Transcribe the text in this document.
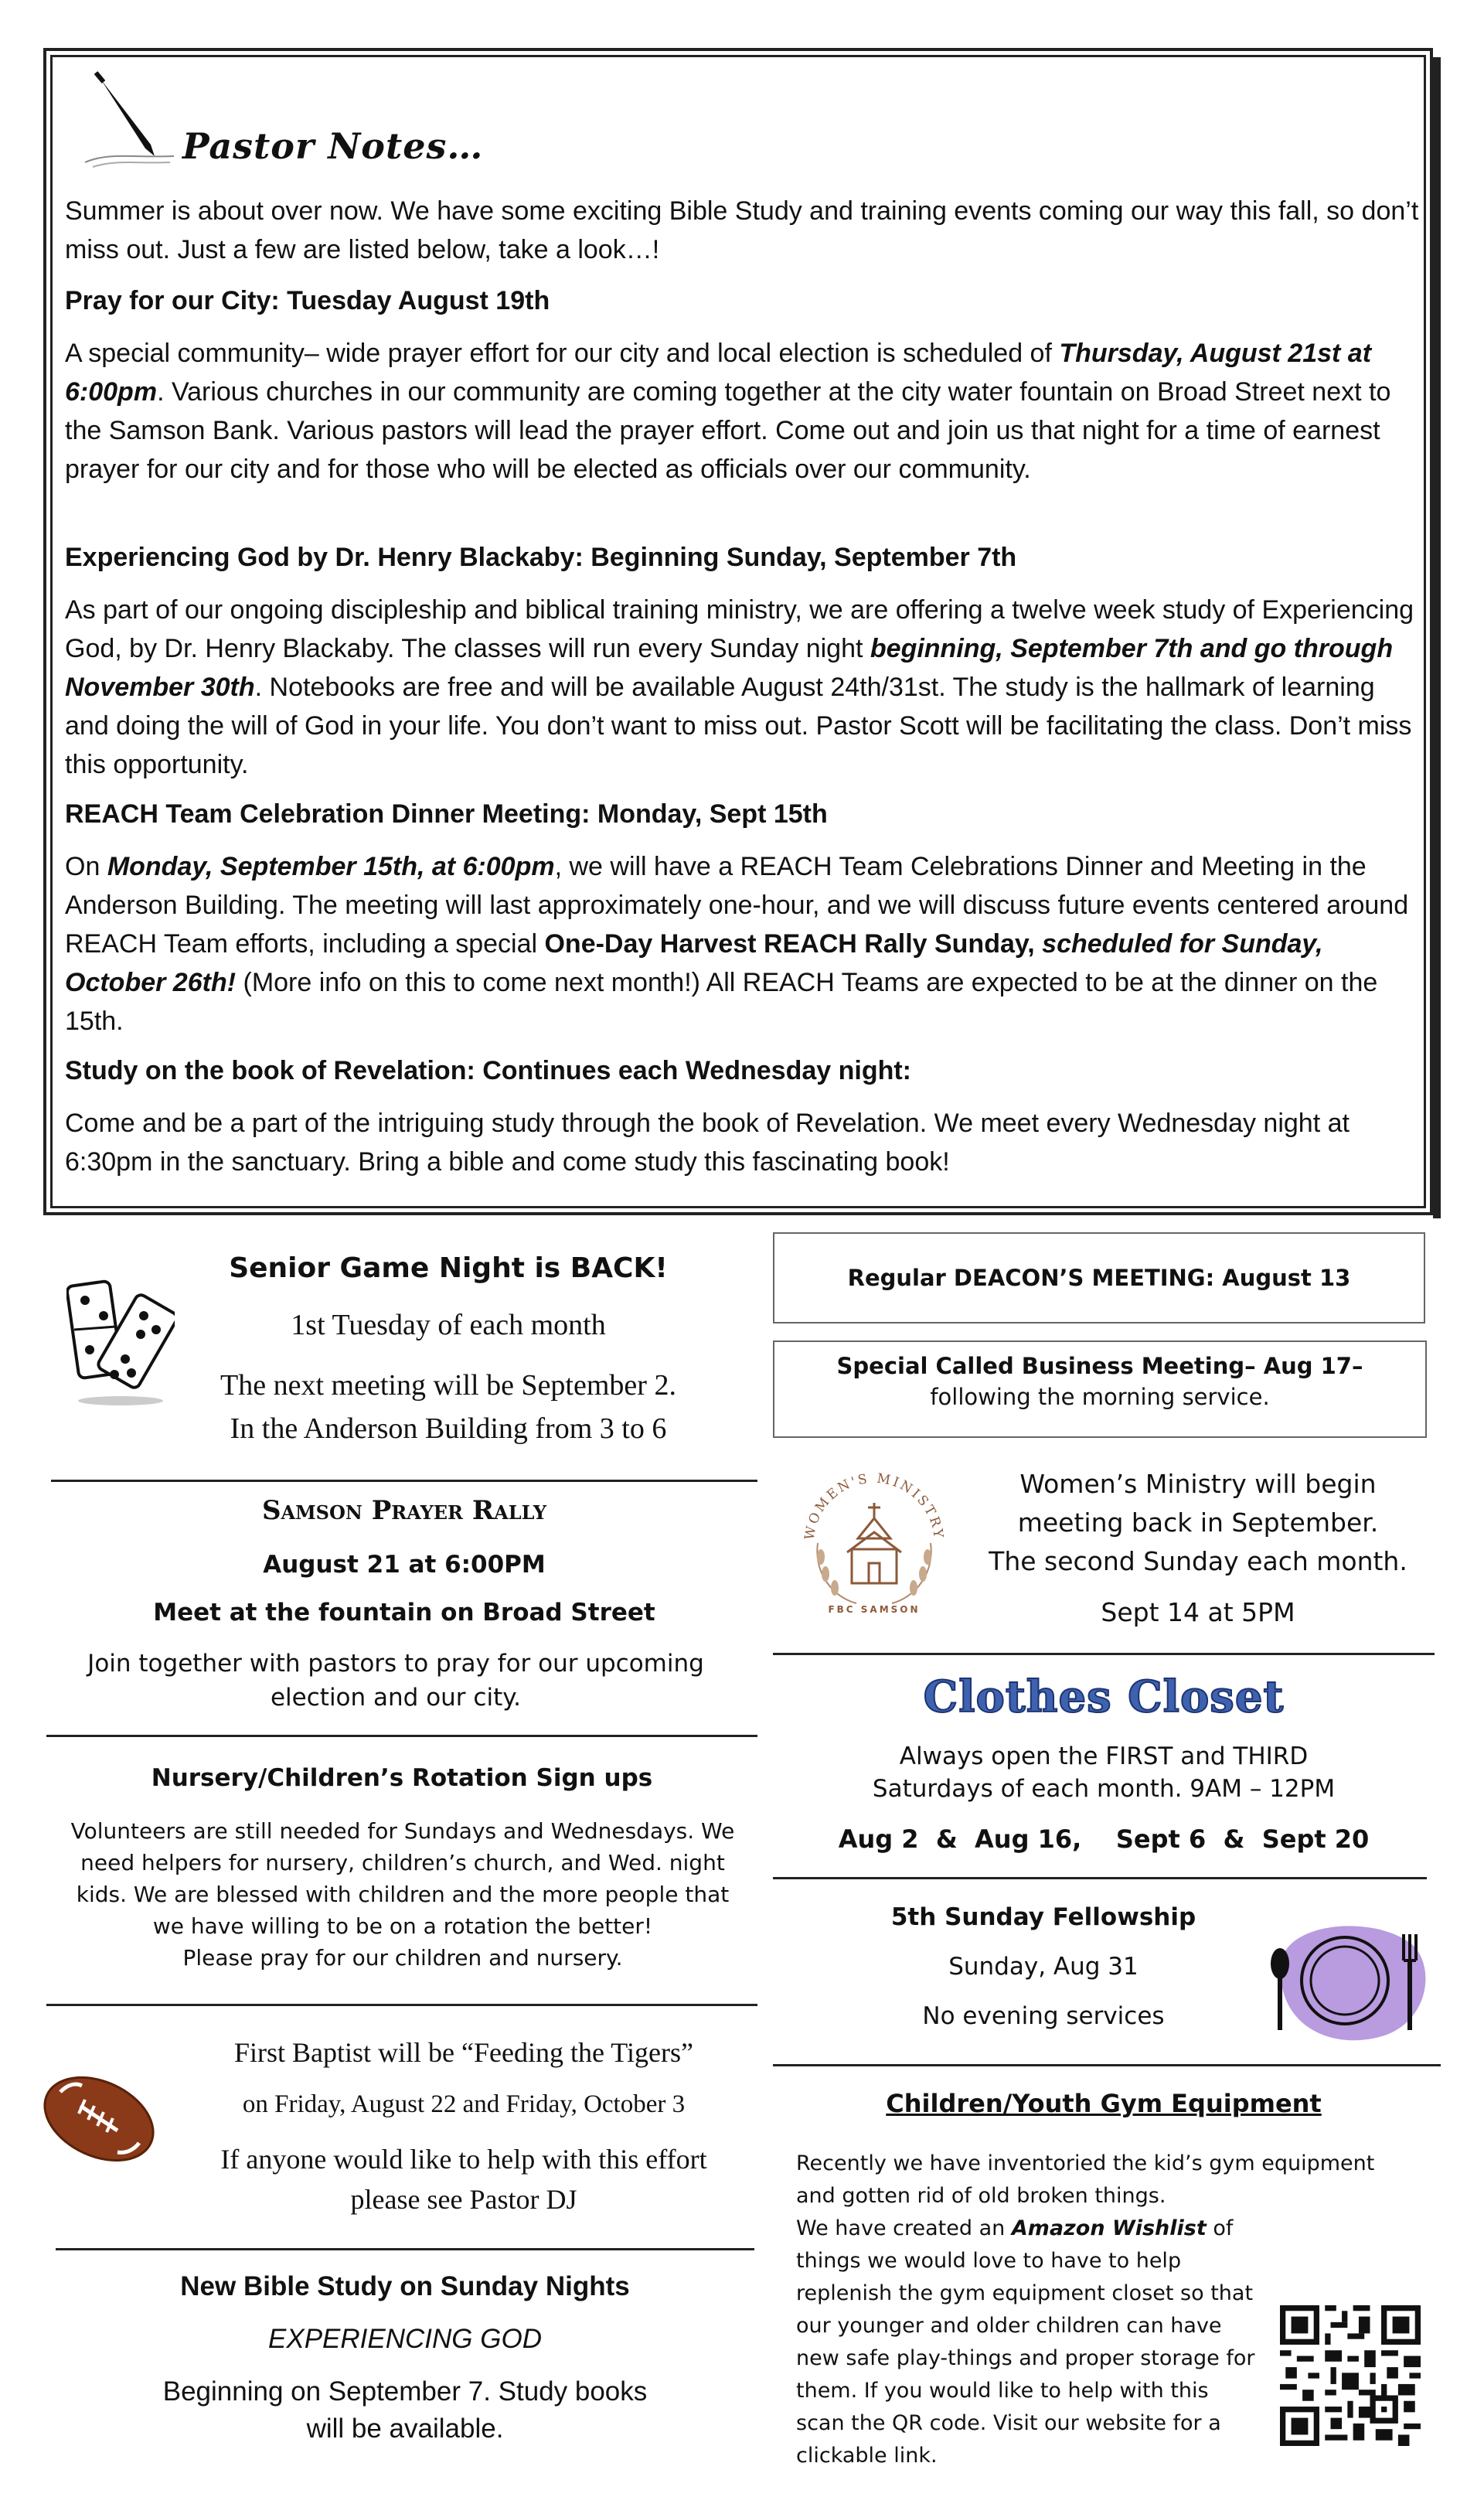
Pastor Notes…
Summer is about over now. We have some exciting Bible Study and training events coming our way this fall, so don’t miss out. Just a few are listed below, take a look…!
Pray for our City: Tuesday August 19th
A special community– wide prayer effort for our city and local election is scheduled of Thursday, August 21st at 6:00pm. Various churches in our community are coming together at the city water fountain on Broad Street next to the Samson Bank. Various pastors will lead the prayer effort. Come out and join us that night for a time of earnest prayer for our city and for those who will be elected as officials over our community.
Experiencing God by Dr. Henry Blackaby: Beginning Sunday, September 7th
As part of our ongoing discipleship and biblical training ministry, we are offering a twelve week study of Experiencing God, by Dr. Henry Blackaby. The classes will run every Sunday night beginning, September 7th and go through November 30th. Notebooks are free and will be available August 24th/31st. The study is the hallmark of learning and doing the will of God in your life. You don’t want to miss out. Pastor Scott will be facilitating the class. Don’t miss this opportunity.
REACH Team Celebration Dinner Meeting: Monday, Sept 15th
On Monday, September 15th, at 6:00pm, we will have a REACH Team Celebrations Dinner and Meeting in the Anderson Building. The meeting will last approximately one-hour, and we will discuss future events centered around REACH Team efforts, including a special One-Day Harvest REACH Rally Sunday, scheduled for Sunday, October 26th! (More info on this to come next month!) All REACH Teams are expected to be at the dinner on the 15th.
Study on the book of Revelation: Continues each Wednesday night:
Come and be a part of the intriguing study through the book of Revelation. We meet every Wednesday night at 6:30pm in the sanctuary. Bring a bible and come study this fascinating book!
Senior Game Night is BACK!
1st Tuesday of each month
The next meeting will be September 2.
In the Anderson Building from 3 to 6
Samson Prayer Rally
August 21 at 6:00PM
Meet at the fountain on Broad Street
Join together with pastors to pray for our upcoming election and our city.
Nursery/Children’s Rotation Sign ups
Volunteers are still needed for Sundays and Wednesdays. We need helpers for nursery, children’s church, and Wed. night kids. We are blessed with children and the more people that we have willing to be on a rotation the better!
Please pray for our children and nursery.
First Baptist will be “Feeding the Tigers”
on Friday, August 22 and Friday, October 3
If anyone would like to help with this effort
please see Pastor DJ
New Bible Study on Sunday Nights
EXPERIENCING GOD
Beginning on September 7. Study books
will be available.
Regular DEACON’S MEETING: August 13
Special Called Business Meeting– Aug 17–
following the morning service.
WOMEN'S MINISTRY
FBC SAMSON
Women’s Ministry will begin
meeting back in September.
The second Sunday each month.
Sept 14 at 5PM
Clothes Closet
Always open the FIRST and THIRD
Saturdays of each month. 9AM – 12PM
Aug 2  &  Aug 16,    Sept 6  &  Sept 20
5th Sunday Fellowship
Sunday, Aug 31
No evening services
Children/Youth Gym Equipment
Recently we have inventoried the kid’s gym equipment and gotten rid of old broken things.
We have created an Amazon Wishlist of things we would love to have to help replenish the gym equipment closet so that our younger and older children can have new safe play-things and proper storage for them. If you would like to help with this scan the QR code. Visit our website for a clickable link.
